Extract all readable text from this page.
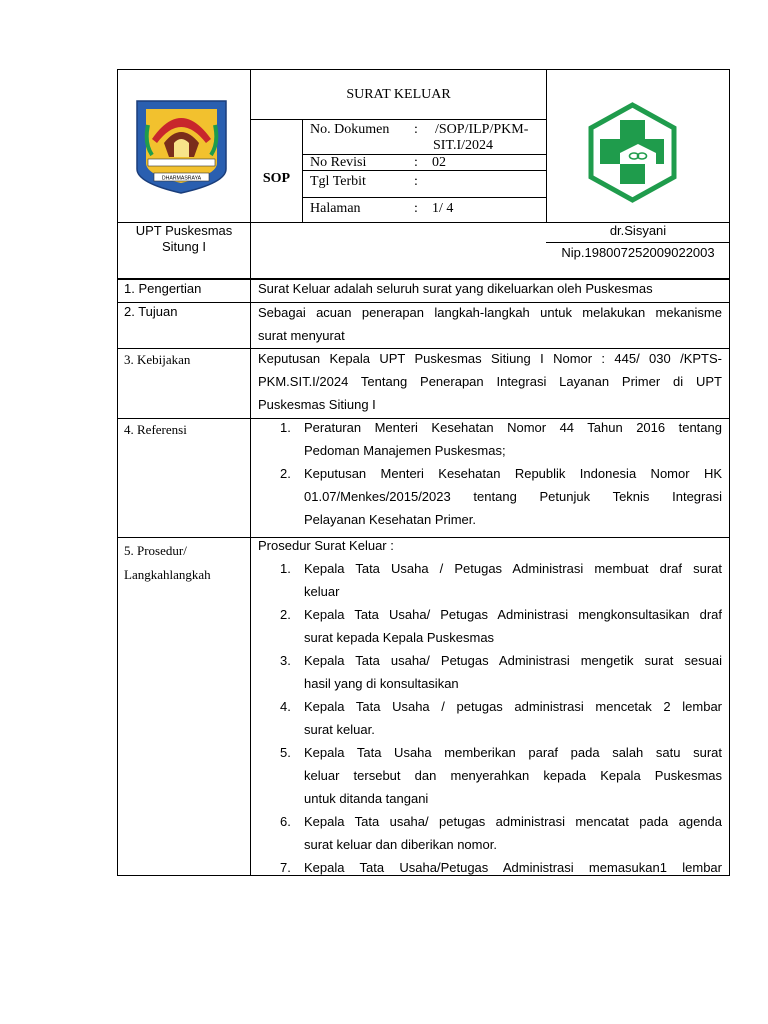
DHARMASRAYA
SURAT KELUAR
SOP
No. Dokumen : /SOP/ILP/PKM-
SIT.I/2024
No Revisi	: 02
Tgl Terbit	:
Halaman	: 1/ 4
UPT Puskesmas
Situng I
dr.Sisyani
Nip.198007252009022003
1. Pengertian	Surat Keluar adalah seluruh surat yang dikeluarkan oleh Puskesmas
2. Tujuan	Sebagai acuan penerapan langkah-langkah untuk melakukan mekanisme
surat menyurat
3. Kebijakan	Keputusan Kepala UPT Puskesmas Sitiung I Nomor : 445/ 030 /KPTS-
PKM.SIT.I/2024 Tentang Penerapan Integrasi Layanan Primer di UPT
Puskesmas Sitiung I
4. Referensi	1. Peraturan Menteri Kesehatan Nomor 44 Tahun 2016 tentang
Pedoman Manajemen Puskesmas;
2. Keputusan Menteri Kesehatan Republik Indonesia Nomor HK
01.07/Menkes/2015/2023 tentang Petunjuk Teknis Integrasi
Pelayanan Kesehatan Primer.
5. Prosedur/
Langkahlangkah
Prosedur Surat Keluar :
1. Kepala Tata Usaha / Petugas Administrasi membuat draf surat
keluar
2. Kepala Tata Usaha/ Petugas Administrasi mengkonsultasikan draf
surat kepada Kepala Puskesmas
3. Kepala Tata usaha/ Petugas Administrasi mengetik surat sesuai
hasil yang di konsultasikan
4. Kepala Tata Usaha / petugas administrasi mencetak 2 lembar
surat keluar.
5. Kepala Tata Usaha memberikan paraf pada salah satu surat
keluar tersebut dan menyerahkan kepada Kepala Puskesmas
untuk ditanda tangani
6. Kepala Tata usaha/ petugas administrasi mencatat pada agenda
surat keluar dan diberikan nomor.
7. Kepala Tata Usaha/Petugas Administrasi memasukan1 lembar
